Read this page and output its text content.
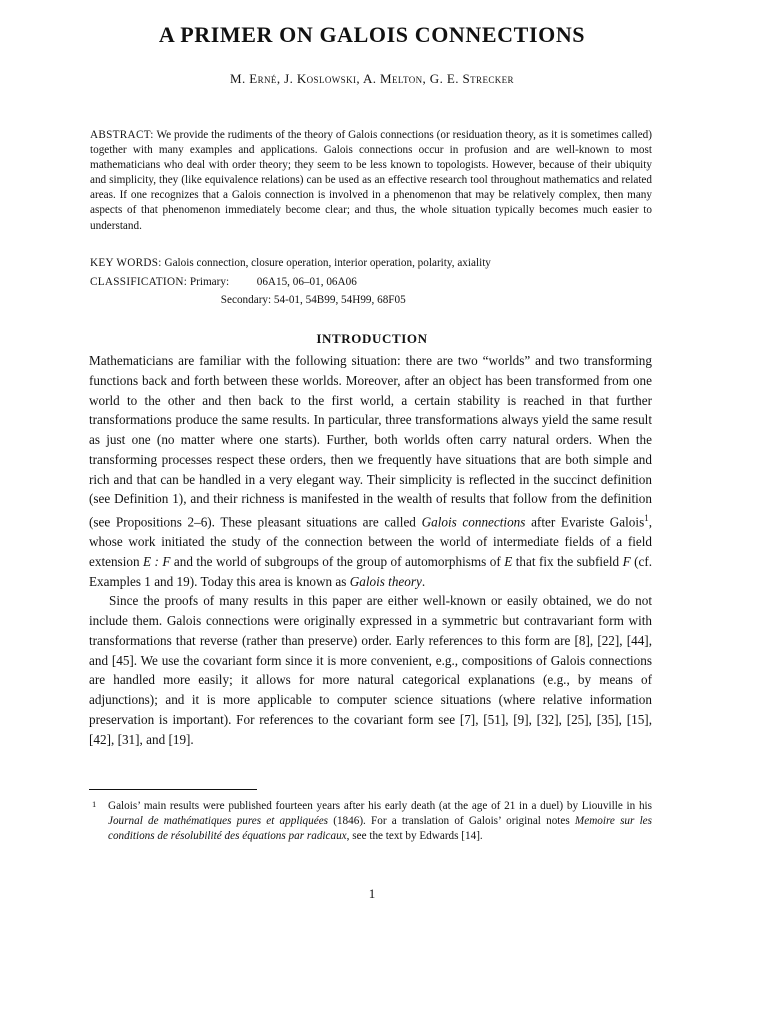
A PRIMER ON GALOIS CONNECTIONS
M. Erné, J. Koslowski, A. Melton, G. E. Strecker
ABSTRACT: We provide the rudiments of the theory of Galois connections (or residuation theory, as it is sometimes called) together with many examples and applications. Galois connections occur in profusion and are well-known to most mathematicians who deal with order theory; they seem to be less known to topologists. However, because of their ubiquity and simplicity, they (like equivalence relations) can be used as an effective research tool throughout mathematics and related areas. If one recognizes that a Galois connection is involved in a phenomenon that may be relatively complex, then many aspects of that phenomenon immediately become clear; and thus, the whole situation typically becomes much easier to understand.
KEY WORDS: Galois connection, closure operation, interior operation, polarity, axiality
CLASSIFICATION: Primary: 06A15, 06–01, 06A06
Secondary: 54-01, 54B99, 54H99, 68F05
INTRODUCTION

Mathematicians are familiar with the following situation: there are two “worlds” and two transforming functions back and forth between these worlds. Moreover, after an object has been transformed from one world to the other and then back to the first world, a certain stability is reached in that further transformations produce the same results. In particular, three transformations always yield the same result as just one (no matter where one starts). Further, both worlds often carry natural orders. When the transforming processes respect these orders, then we frequently have situations that are both simple and rich and that can be handled in a very elegant way. Their simplicity is reflected in the succinct definition (see Definition 1), and their richness is manifested in the wealth of results that follow from the definition (see Propositions 2–6). These pleasant situations are called Galois connections after Evariste Galois$^1$, whose work initiated the study of the connection between the world of intermediate fields of a field extension E : F and the world of subgroups of the group of automorphisms of E that fix the subfield F (cf. Examples 1 and 19). Today this area is known as Galois theory.

Since the proofs of many results in this paper are either well-known or easily obtained, we do not include them. Galois connections were originally expressed in a symmetric but contravariant form with transformations that reverse (rather than preserve) order. Early references to this form are [8], [22], [44], and [45]. We use the covariant form since it is more convenient, e.g., compositions of Galois connections are handled more easily; it allows for more natural categorical explanations (e.g., by means of adjunctions); and it is more applicable to computer science situations (where relative information preservation is important). For references to the covariant form see [7], [51], [9], [32], [25], [35], [15], [42], [31], and [19].

1 Galois’ main results were published fourteen years after his early death (at the age of 21 in a duel) by Liouville in his Journal de mathématiques pures et appliquées (1846). For a translation of Galois’ original notes Memoire sur les conditions de résolubilité des équations par radicaux, see the text by Edwards [14].
1
